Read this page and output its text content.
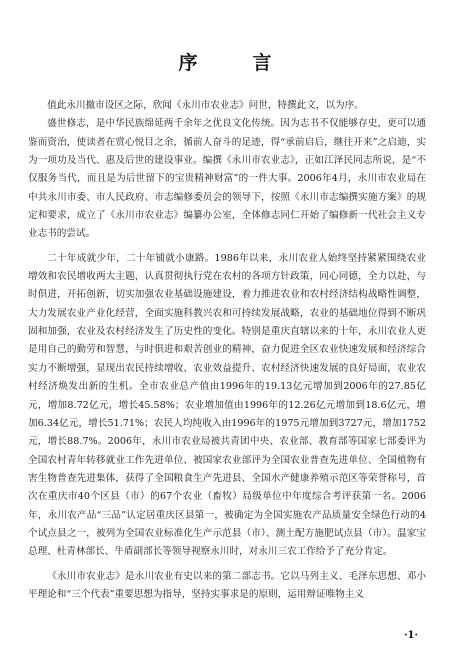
序　言

值此永川撤市设区之际，欣闻《永川市农业志》问世，特撰此文，以为序。

盛世修志，是中华民族绵延两千余年之优良文化传统。因为志书不仅能够存史，更可以通鉴而资治，使读者在赏心悦目之余，循前人奋斗的足迹，得“承前启后，继往开来”之启迪，实为一项功及当代、惠及后世的建设事业。编撰《永川市农业志》，正如江泽民同志所说，是“不仅服务当代，而且是为后世留下的宝贵精神财富”的一件大事。2006年4月，永川市农业局在中共永川市委、市人民政府、市志编修委员会的领导下，按照《永川市志编撰实施方案》的规定和要求，成立了《永川市农业志》编纂办公室，全体修志同仁开始了编修新一代社会主义专业志书的尝试。

二十年成就少年，二十年铺就小康路。1986年以来，永川农业人始终坚持紧紧围绕农业增效和农民增收两大主题，认真贯彻执行党在农村的各项方针政策，同心同德，全力以赴，与时俱进，开拓创新，切实加强农业基础设施建设，着力推进农业和农村经济结构战略性调整，大力发展农业产业化经营，全面实施科教兴农和可持续发展战略，农业的基础地位得到不断巩固和加强，农业及农村经济发生了历史性的变化。特别是重庆直辖以来的十年，永川农业人更是用自己的勤劳和智慧，与时俱进和艰苦创业的精神，奋力促进全区农业快速发展和经济综合实力不断增强，显现出农民持续增收、农业效益提升、农村经济快速发展的良好局面，农业农村经济焕发出新的生机。全市农业总产值由1996年的19.13亿元增加到2006年的27.85亿元，增加8.72亿元，增长45.58%；农业增加值由1996年的12.26亿元增加到18.6亿元，增加6.34亿元，增长51.71%；农民人均纯收入由1996年的1975元增加到3727元，增加1752元，增长88.7%。2006年，永川市农业局被共青团中央、农业部、教育部等国家七部委评为全国农村青年转移就业工作先进单位、被国家农业部评为全国农业普查先进单位、全国植物有害生物普查先进集体，获得了全国粮食生产先进县、全国水产健康养殖示范区等荣誉称号，首次在重庆市40个区县（市）的67个农业（畜牧）局级单位中年度综合考评获第一名。2006年，永川农产品“三品”认定居重庆区县第一，被确定为全国实施农产品质量安全绿色行动的4个试点县之一，被列为全国农业标准化生产示范县（市）、测土配方施肥试点县（市）。温家宝总理、杜青林部长、牛盾副部长等领导视察永川时，对永川三农工作给予了充分肯定。

《永川市农业志》是永川农业有史以来的第二部志书。它以马列主义、毛泽东思想、邓小平理论和“三个代表”重要思想为指导，坚持实事求是的原则，运用辩证唯物主义

·1·
